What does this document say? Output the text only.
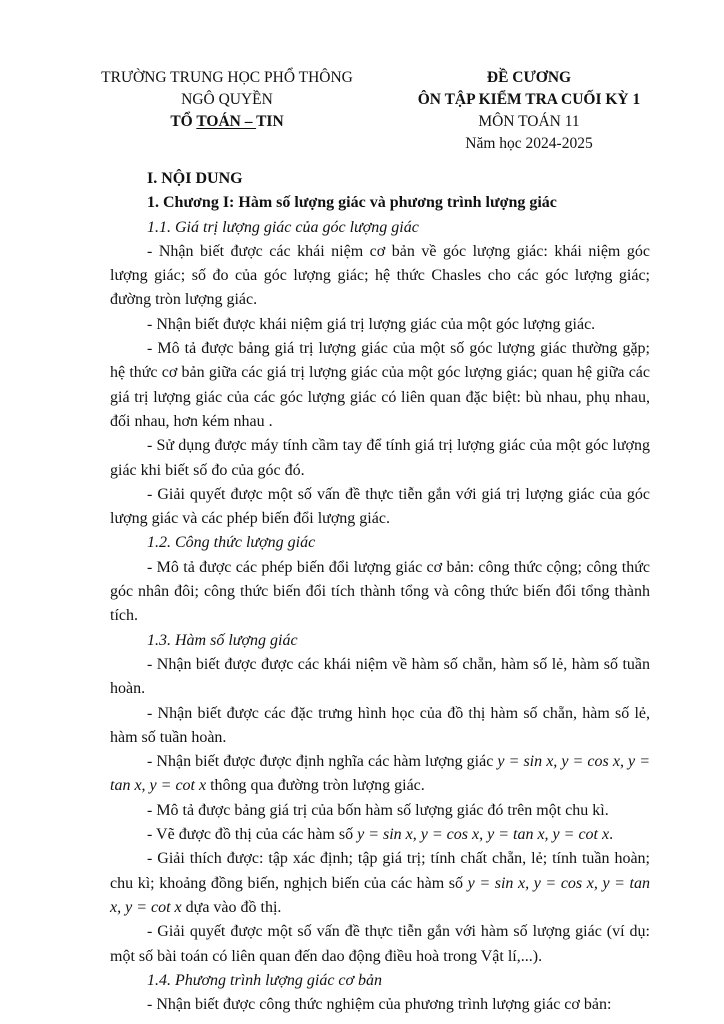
TRƯỜNG TRUNG HỌC PHỔ THÔNG
NGÔ QUYỀN
TỔ TOÁN – TIN
ĐỀ CƯƠNG
ÔN TẬP KIỂM TRA CUỐI KỲ 1
MÔN TOÁN 11
Năm học 2024-2025

I. NỘI DUNG

1. Chương I: Hàm số lượng giác và phương trình lượng giác

1.1. Giá trị lượng giác của góc lượng giác

- Nhận biết được các khái niệm cơ bản về góc lượng giác: khái niệm góc lượng giác; số đo của góc lượng giác; hệ thức Chasles cho các góc lượng giác; đường tròn lượng giác.

- Nhận biết được khái niệm giá trị lượng giác của một góc lượng giác.

- Mô tả được bảng giá trị lượng giác của một số góc lượng giác thường gặp; hệ thức cơ bản giữa các giá trị lượng giác của một góc lượng giác; quan hệ giữa các giá trị lượng giác của các góc lượng giác có liên quan đặc biệt: bù nhau, phụ nhau, đối nhau, hơn kém nhau .

- Sử dụng được máy tính cầm tay để tính giá trị lượng giác của một góc lượng giác khi biết số đo của góc đó.

- Giải quyết được một số vấn đề thực tiễn gắn với giá trị lượng giác của góc lượng giác và các phép biến đổi lượng giác.

1.2. Công thức lượng giác

- Mô tả được các phép biến đổi lượng giác cơ bản: công thức cộng; công thức góc nhân đôi; công thức biến đổi tích thành tổng và công thức biến đổi tổng thành tích.

1.3. Hàm số lượng giác

- Nhận biết được được các khái niệm về hàm số chẵn, hàm số lẻ, hàm số tuần hoàn.

- Nhận biết được các đặc trưng hình học của đồ thị hàm số chẵn, hàm số lẻ, hàm số tuần hoàn.

- Nhận biết được được định nghĩa các hàm lượng giác y = sin x, y = cos x, y = tan x, y = cot x thông qua đường tròn lượng giác.

- Mô tả được bảng giá trị của bốn hàm số lượng giác đó trên một chu kì.

- Vẽ được đồ thị của các hàm số y = sin x, y = cos x, y = tan x, y = cot x.

- Giải thích được: tập xác định; tập giá trị; tính chất chẵn, lẻ; tính tuần hoàn; chu kì; khoảng đồng biến, nghịch biến của các hàm số y = sin x, y = cos x, y = tan x, y = cot x dựa vào đồ thị.

- Giải quyết được một số vấn đề thực tiễn gắn với hàm số lượng giác (ví dụ: một số bài toán có liên quan đến dao động điều hoà trong Vật lí,...).

1.4. Phương trình lượng giác cơ bản

- Nhận biết được công thức nghiệm của phương trình lượng giác cơ bản:
